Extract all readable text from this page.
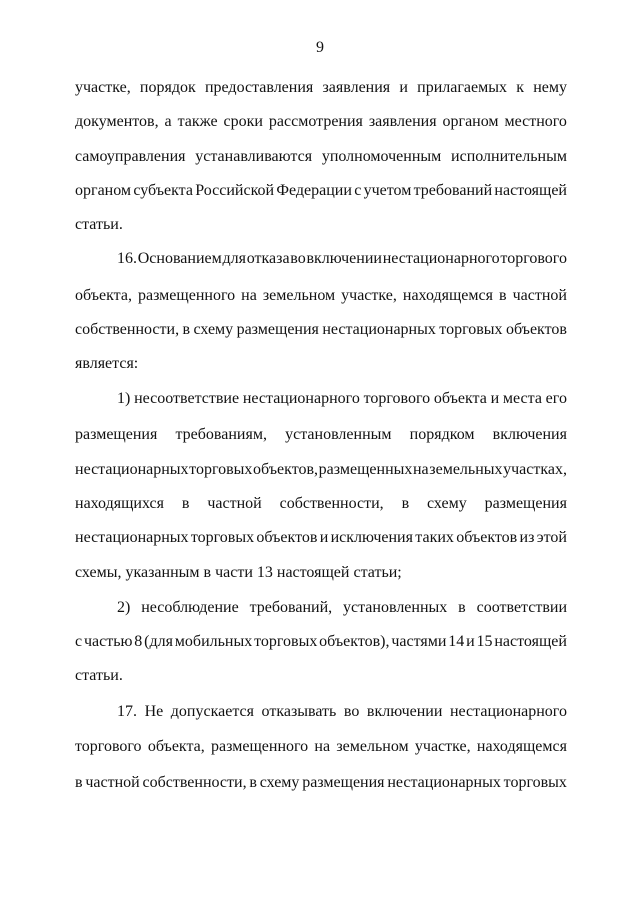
9
участке, порядок предоставления заявления и прилагаемых к нему
документов, а также сроки рассмотрения заявления органом местного
самоуправления устанавливаются уполномоченным исполнительным
органом субъекта Российской Федерации с учетом требований настоящей
статьи.
16. Основанием для отказа во включении нестационарного торгового
объекта, размещенного на земельном участке, находящемся в частной
собственности, в схему размещения нестационарных торговых объектов
является:
1) несоответствие нестационарного торгового объекта и места его
размещения требованиям, установленным порядком включения
нестационарных торговых объектов, размещенных на земельных участках,
находящихся в частной собственности, в схему размещения
нестационарных торговых объектов и исключения таких объектов из этой
схемы, указанным в части 13 настоящей статьи;
2) несоблюдение требований, установленных в соответствии
с частью 8 (для мобильных торговых объектов), частями 14 и 15 настоящей
статьи.
17. Не допускается отказывать во включении нестационарного
торгового объекта, размещенного на земельном участке, находящемся
в частной собственности, в схему размещения нестационарных торговых
